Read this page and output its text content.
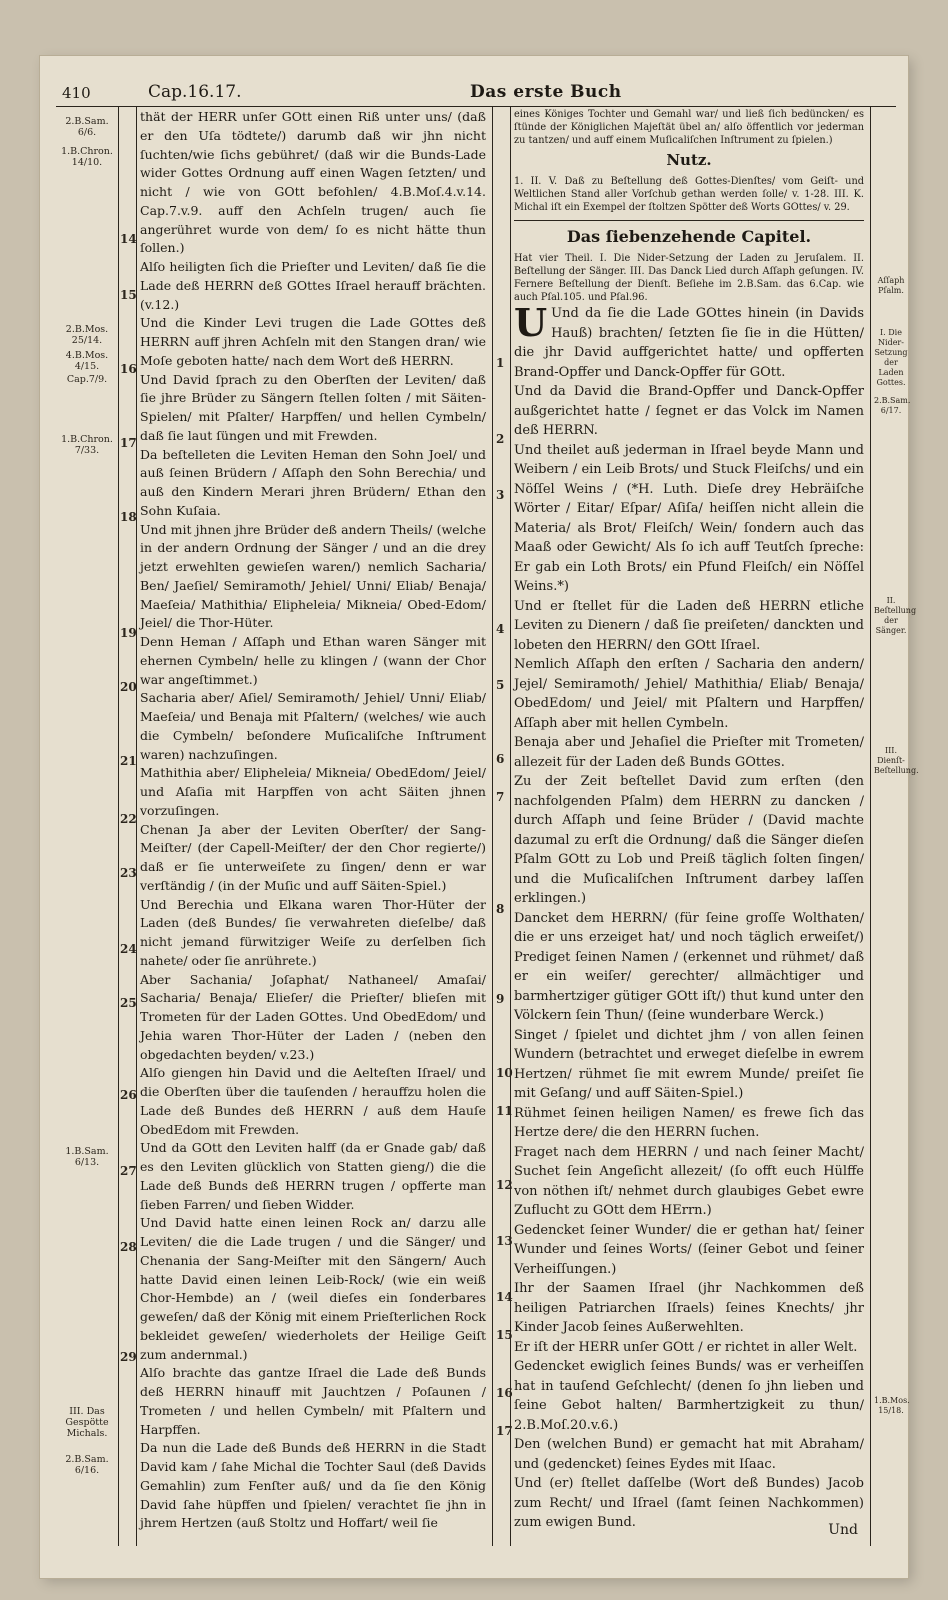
410	Cap.16.17.	Das erste Buch
2.B.Sam. 6/6.
1.B.Chron. 14/10.
2.B.Mos. 25/14.
4.B.Mos. 4/15.
Cap.7/9.
1.B.Chron. 7/33.
1.B.Sam. 6/13.
III. Das Gespötte Michals.
2.B.Sam. 6/16.
Aſſaph Pſalm.
I. Die Nider-Setzung der Laden Gottes.
2.B.Sam. 6/17.
II. Beſtellung der Sänger.
III. Dienſt-Beſtellung.
1.B.Mos. 15/18.
14
15
16
17
18
19
20
21
22
23
24
25
26
27
28
29

thät der HERR unſer GOtt einen Riß unter uns/ (daß er den Uſa tödtete/) darumb daß wir jhn nicht ſuchten/wie ſichs gebühret/ (daß wir die Bunds-Lade wider Gottes Ordnung auff einen Wagen ſetzten/ und nicht / wie von GOtt befohlen/ 4.B.Moſ.4.v.14. Cap.7.v.9. auff den Achſeln trugen/ auch ſie angerühret wurde von dem/ ſo es nicht hätte thun ſollen.)

Alſo heiligten ſich die Prieſter und Leviten/ daß ſie die Lade deß HERRN deß GOttes Iſrael herauff brächten. (v.12.)

Und die Kinder Levi trugen die Lade GOttes deß HERRN auff jhren Achſeln mit den Stangen dran/ wie Moſe geboten hatte/ nach dem Wort deß HERRN.

Und David ſprach zu den Oberſten der Leviten/ daß ſie jhre Brüder zu Sängern ſtellen ſolten / mit Säiten-Spielen/ mit Pſalter/ Harpffen/ und hellen Cymbeln/ daß ſie laut ſüngen und mit Frewden.

Da beſtelleten die Leviten Heman den Sohn Joel/ und auß ſeinen Brüdern / Aſſaph den Sohn Berechia/ und auß den Kindern Merari jhren Brüdern/ Ethan den Sohn Kuſaia.

Und mit jhnen jhre Brüder deß andern Theils/ (welche in der andern Ordnung der Sänger / und an die drey jetzt erwehlten gewieſen waren/) nemlich Sacharia/ Ben/ Jaeſiel/ Semiramoth/ Jehiel/ Unni/ Eliab/ Benaja/ Maeſeia/ Mathithia/ Elipheleia/ Mikneia/ Obed-Edom/ Jeiel/ die Thor-Hüter.

Denn Heman / Aſſaph und Ethan waren Sänger mit ehernen Cymbeln/ helle zu klingen / (wann der Chor war angeſtimmet.)

Sacharia aber/ Aſiel/ Semiramoth/ Jehiel/ Unni/ Eliab/ Maeſeia/ und Benaja mit Pſaltern/ (welches/ wie auch die Cymbeln/ beſondere Muſicaliſche Inſtrument waren) nachzuſingen.

Mathithia aber/ Elipheleia/ Mikneia/ ObedEdom/ Jeiel/ und Aſaſia mit Harpffen von acht Säiten jhnen vorzuſingen.

Chenan Ja aber der Leviten Oberſter/ der Sang-Meiſter/ (der Capell-Meiſter/ der den Chor regierte/) daß er ſie unterweiſete zu ſingen/ denn er war verſtändig / (in der Muſic und auff Säiten-Spiel.)

Und Berechia und Elkana waren Thor-Hüter der Laden (deß Bundes/ ſie verwahreten dieſelbe/ daß nicht jemand fürwitziger Weiſe zu derſelben ſich nahete/ oder ſie anrührete.)

Aber Sachania/ Joſaphat/ Nathaneel/ Amaſai/ Sacharia/ Benaja/ Elieſer/ die Prieſter/ blieſen mit Trometen für der Laden GOttes. Und ObedEdom/ und Jehia waren Thor-Hüter der Laden / (neben den obgedachten beyden/ v.23.)

Alſo giengen hin David und die Aelteſten Iſrael/ und die Oberſten über die tauſenden / herauffzu holen die Lade deß Bundes deß HERRN / auß dem Hauſe ObedEdom mit Frewden.

Und da GOtt den Leviten halff (da er Gnade gab/ daß es den Leviten glücklich von Statten gieng/) die die Lade deß Bunds deß HERRN trugen / opfferte man ſieben Farren/ und ſieben Widder.

Und David hatte einen leinen Rock an/ darzu alle Leviten/ die die Lade trugen / und die Sänger/ und Chenania der Sang-Meiſter mit den Sängern/ Auch hatte David einen leinen Leib-Rock/ (wie ein weiß Chor-Hembde) an / (weil dieſes ein ſonderbares geweſen/ daß der König mit einem Prieſterlichen Rock bekleidet geweſen/ wiederholets der Heilige Geiſt zum andernmal.)

Alſo brachte das gantze Iſrael die Lade deß Bunds deß HERRN hinauff mit Jauchtzen / Poſaunen / Trometen / und hellen Cymbeln/ mit Pſaltern und Harpffen.

Da nun die Lade deß Bunds deß HERRN in die Stadt David kam / ſahe Michal die Tochter Saul (deß Davids Gemahlin) zum Fenſter auß/ und da ſie den König David ſahe hüpffen und ſpielen/ verachtet ſie jhn in jhrem Hertzen (auß Stoltz und Hoffart/ weil ſie

1
2
3
4
5
6
7
8
9
10
11
12
13
14
15
16
17

eines Königes Tochter und Gemahl war/ und ließ ſich bedüncken/ es ſtünde der Königlichen Majeſtät übel an/ alſo öffentlich vor jederman zu tantzen/ und auff einem Muſicaliſchen Inſtrument zu ſpielen.)

Nutz.

1. II. V. Daß zu Beſtellung deß Gottes-Dienſtes/ vom Geiſt- und Weltlichen Stand aller Vorſchub gethan werden ſolle/ v. 1-28. III. K. Michal iſt ein Exempel der ſtoltzen Spötter deß Worts GOttes/ v. 29.

Das ſiebenzehende Capitel.

Hat vier Theil. I. Die Nider-Setzung der Laden zu Jeruſalem. II. Beſtellung der Sänger. III. Das Danck Lied durch Aſſaph geſungen. IV. Fernere Beſtellung der Dienſt. Beſiehe im 2.B.Sam. das 6.Cap. wie auch Pſal.105. und Pſal.96.

U Und da ſie die Lade GOttes hinein (in Davids Hauß) brachten/ ſetzten ſie ſie in die Hütten/ die jhr David auffgerichtet hatte/ und opfferten Brand-Opffer und Danck-Opffer für GOtt.

Und da David die Brand-Opffer und Danck-Opffer außgerichtet hatte / ſegnet er das Volck im Namen deß HERRN.

Und theilet auß jederman in Iſrael beyde Mann und Weibern / ein Leib Brots/ und Stuck Fleiſchs/ und ein Nöſſel Weins / (*H. Luth. Dieſe drey Hebräiſche Wörter / Eitar/ Eſpar/ Aſiſa/ heiſſen nicht allein die Materia/ als Brot/ Fleiſch/ Wein/ ſondern auch das Maaß oder Gewicht/ Als ſo ich auff Teutſch ſpreche: Er gab ein Loth Brots/ ein Pfund Fleiſch/ ein Nöſſel Weins.*)

Und er ſtellet für die Laden deß HERRN etliche Leviten zu Dienern / daß ſie preiſeten/ danckten und lobeten den HERRN/ den GOtt Iſrael.

Nemlich Aſſaph den erſten / Sacharia den andern/ Jejel/ Semiramoth/ Jehiel/ Mathithia/ Eliab/ Benaja/ ObedEdom/ und Jeiel/ mit Pſaltern und Harpffen/ Aſſaph aber mit hellen Cymbeln.

Benaja aber und Jehaſiel die Prieſter mit Trometen/ allezeit für der Laden deß Bunds GOttes.

Zu der Zeit beſtellet David zum erſten (den nachfolgenden Pſalm) dem HERRN zu dancken / durch Aſſaph und ſeine Brüder / (David machte dazumal zu erſt die Ordnung/ daß die Sänger dieſen Pſalm GOtt zu Lob und Preiß täglich ſolten ſingen/ und die Muſicaliſchen Inſtrument darbey laſſen erklingen.)

Dancket dem HERRN/ (für ſeine groſſe Wolthaten/ die er uns erzeiget hat/ und noch täglich erweiſet/) Prediget ſeinen Namen / (erkennet und rühmet/ daß er ein weiſer/ gerechter/ allmächtiger und barmhertziger gütiger GOtt iſt/) thut kund unter den Völckern ſein Thun/ (ſeine wunderbare Werck.)

Singet / ſpielet und dichtet jhm / von allen ſeinen Wundern (betrachtet und erweget dieſelbe in ewrem Hertzen/ rühmet ſie mit ewrem Munde/ preiſet ſie mit Geſang/ und auff Säiten-Spiel.)

Rühmet ſeinen heiligen Namen/ es frewe ſich das Hertze dere/ die den HERRN ſuchen.

Fraget nach dem HERRN / und nach ſeiner Macht/ Suchet ſein Angeſicht allezeit/ (ſo offt euch Hülffe von nöthen iſt/ nehmet durch glaubiges Gebet ewre Zuflucht zu GOtt dem HErrn.)

Gedencket ſeiner Wunder/ die er gethan hat/ ſeiner Wunder und ſeines Worts/ (ſeiner Gebot und ſeiner Verheiſſungen.)

Ihr der Saamen Iſrael (jhr Nachkommen deß heiligen Patriarchen Iſraels) ſeines Knechts/ jhr Kinder Jacob ſeines Außerwehlten.

Er iſt der HERR unſer GOtt / er richtet in aller Welt.

Gedencket ewiglich ſeines Bunds/ was er verheiſſen hat in tauſend Geſchlecht/ (denen ſo jhn lieben und ſeine Gebot halten/ Barmhertzigkeit zu thun/ 2.B.Moſ.20.v.6.)

Den (welchen Bund) er gemacht hat mit Abraham/ und (gedencket) ſeines Eydes mit Iſaac.

Und (er) ſtellet daſſelbe (Wort deß Bundes) Jacob zum Recht/ und Iſrael (ſamt ſeinen Nachkommen) zum ewigen Bund.	Und
